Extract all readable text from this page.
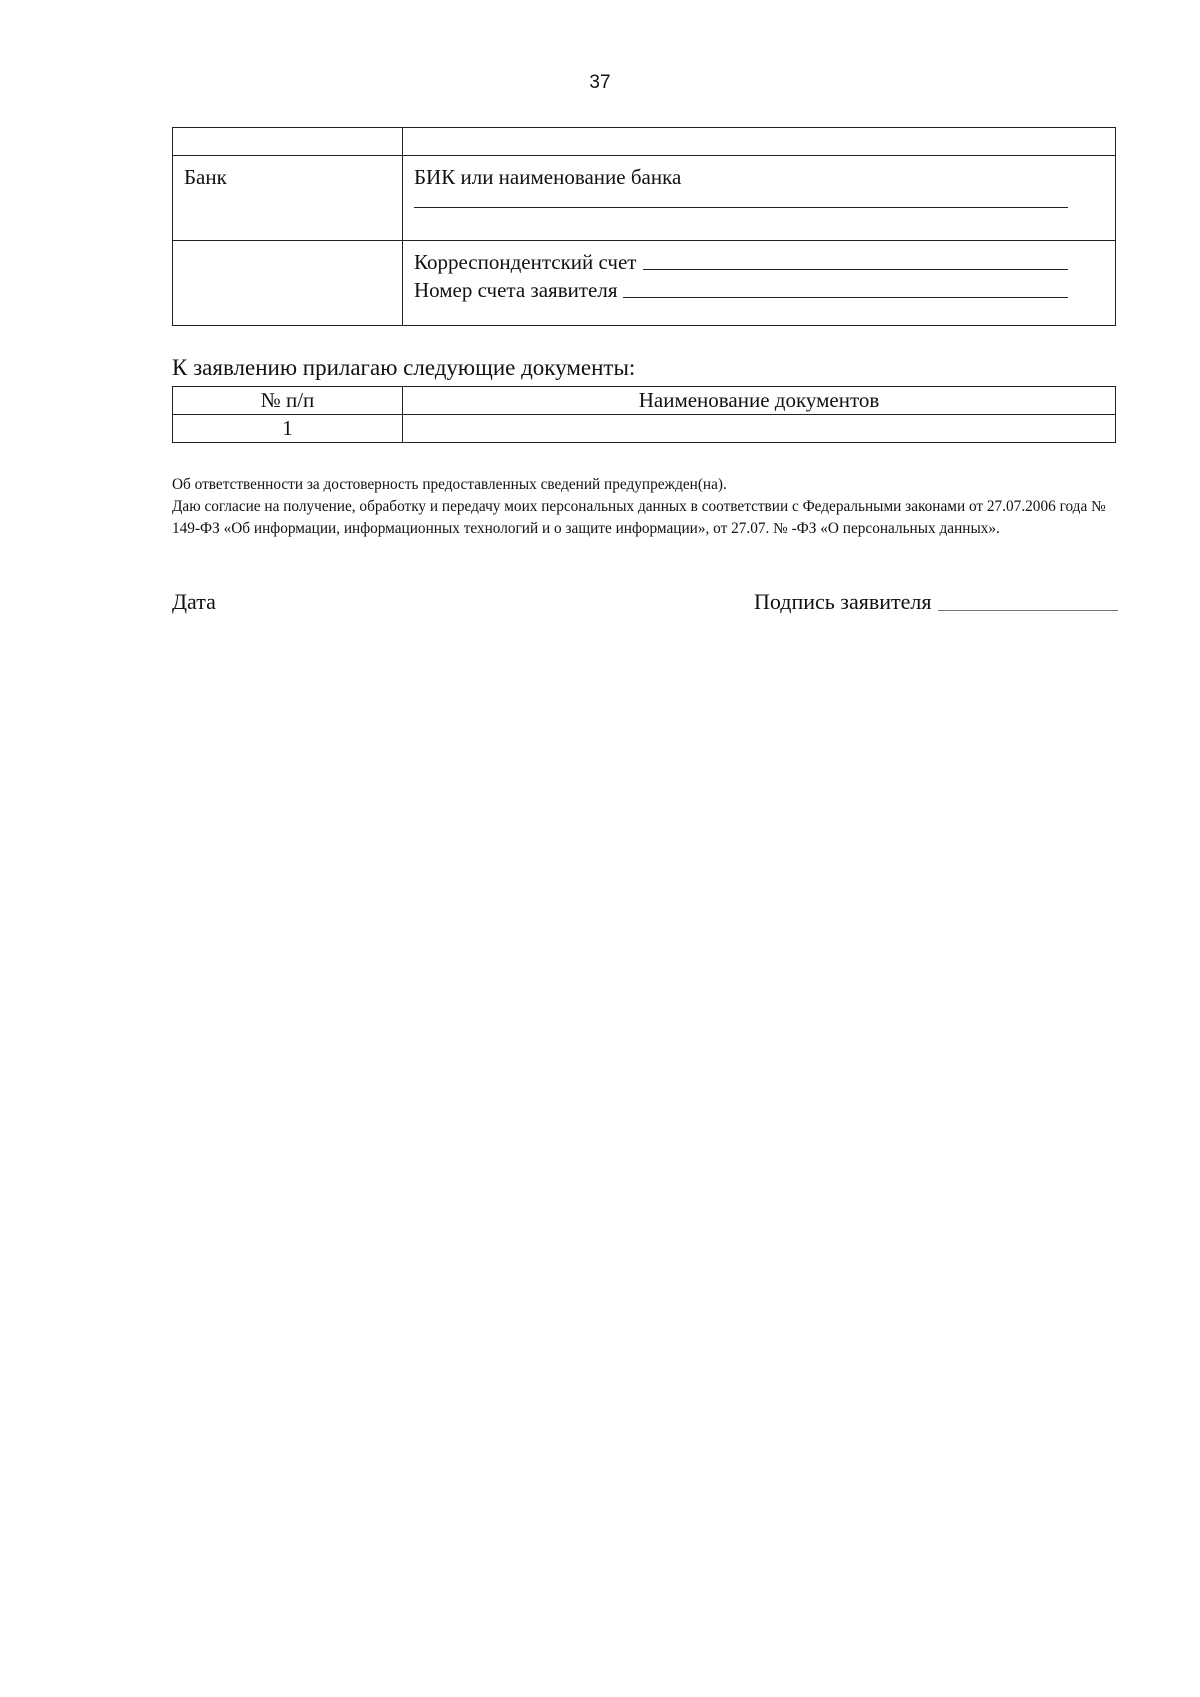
37

Банк	БИК или наименование банка

	Корреспондентский счет
Номер счета заявителя
К заявлению прилагаю следующие документы:
№ п/п	Наименование документов
1	

Об ответственности за достоверность предоставленных сведений предупрежден(на).

Даю согласие на получение, обработку и передачу моих персональных данных в соответствии с Федеральными законами от 27.07.2006 года № 149-ФЗ «Об информации, информационных технологий и о защите информации», от 27.07. № -ФЗ «О персональных данных».

Дата	Подпись заявителя
